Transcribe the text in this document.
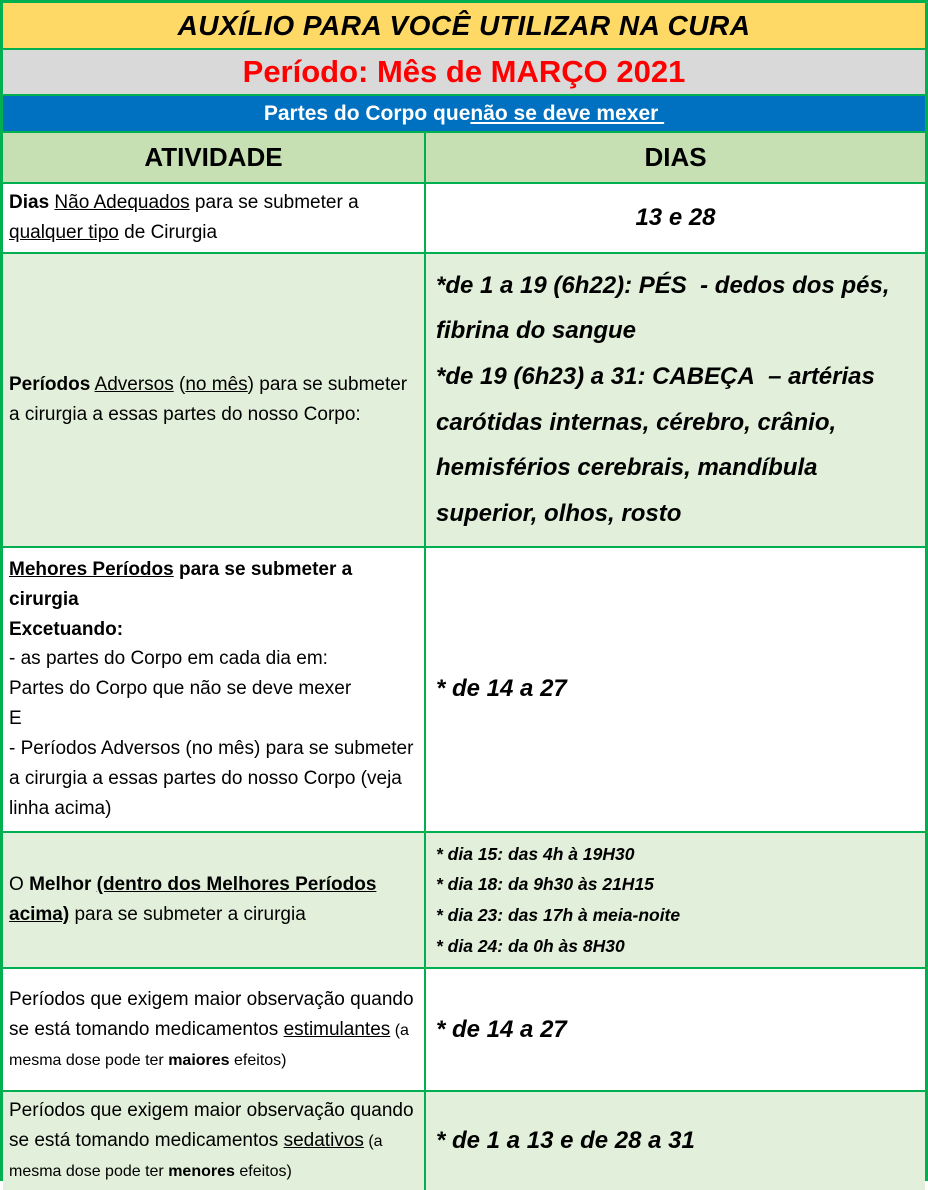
AUXÍLIO PARA VOCÊ UTILIZAR NA CURA
Período: Mês de MARÇO 2021
Partes do Corpo que não se deve mexer
ATIVIDADE	DIAS
Dias Não Adequados para se submeter a qualquer tipo de Cirurgia
13 e 28
Períodos Adversos (no mês) para se submeter a cirurgia a essas partes do nosso Corpo:
*de 1 a 19 (6h22): PÉS  - dedos dos pés, fibrina do sangue
*de 19 (6h23) a 31: CABEÇA  – artérias carótidas internas, cérebro, crânio, hemisférios cerebrais, mandíbula superior, olhos, rosto
Mehores Períodos para se submeter a cirurgia
Excetuando:
- as partes do Corpo em cada dia em:
Partes do Corpo que não se deve mexer
E
- Períodos Adversos (no mês) para se submeter a cirurgia a essas partes do nosso Corpo (veja linha acima)
* de 14 a 27
O Melhor (dentro dos Melhores Períodos acima) para se submeter a cirurgia
* dia 15: das 4h à 19H30
* dia 18: da 9h30 às 21H15
* dia 23: das 17h à meia-noite
* dia 24: da 0h às 8H30
Períodos que exigem maior observação quando se está tomando medicamentos estimulantes (a mesma dose pode ter maiores efeitos)
* de 14 a 27
Períodos que exigem maior observação quando se está tomando medicamentos sedativos (a mesma dose pode ter menores efeitos)
* de 1 a 13 e de 28 a 31
